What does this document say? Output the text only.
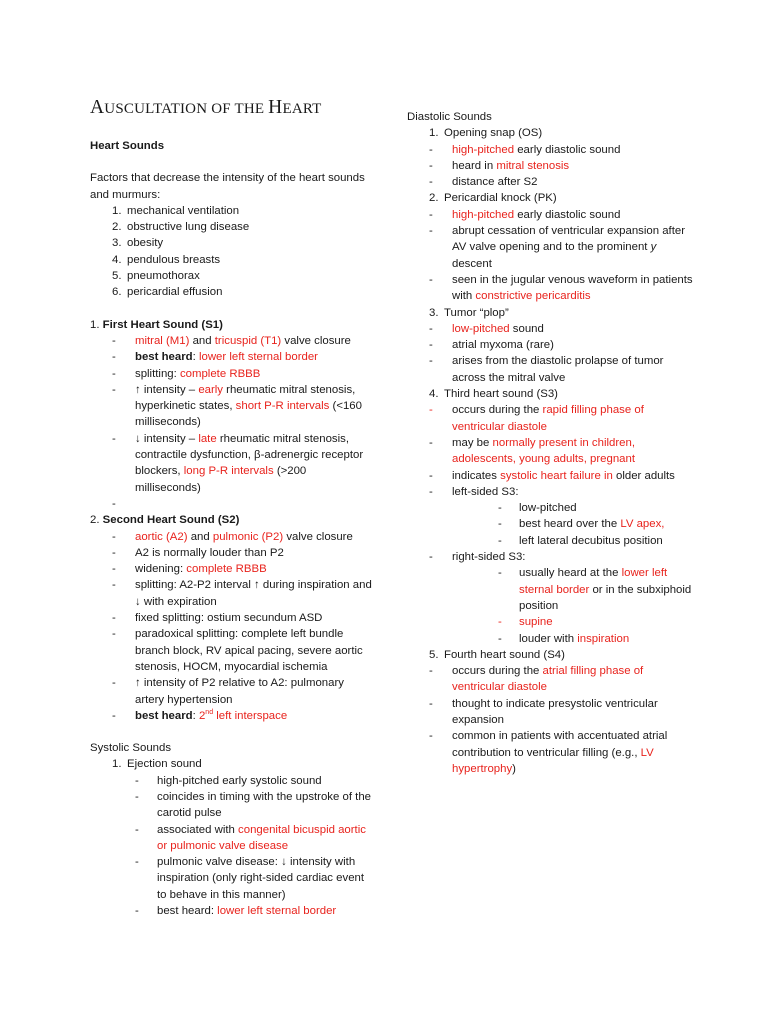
AUSCULTATION OF THE HEART
Heart Sounds
Factors that decrease the intensity of the heart sounds and murmurs:
1. mechanical ventilation
2. obstructive lung disease
3. obesity
4. pendulous breasts
5. pneumothorax
6. pericardial effusion
1. First Heart Sound (S1)
- mitral (M1) and tricuspid (T1) valve closure
- best heard: lower left sternal border
- splitting: complete RBBB
- ↑ intensity – early rheumatic mitral stenosis, hyperkinetic states, short P-R intervals (<160 milliseconds)
- ↓ intensity – late rheumatic mitral stenosis, contractile dysfunction, β-adrenergic receptor blockers, long P-R intervals (>200 milliseconds)
-

2. Second Heart Sound (S2)
- aortic (A2) and pulmonic (P2) valve closure
- A2 is normally louder than P2
- widening: complete RBBB
- splitting: A2-P2 interval ↑ during inspiration and ↓ with expiration
- fixed splitting: ostium secundum ASD
- paradoxical splitting: complete left bundle branch block, RV apical pacing, severe aortic stenosis, HOCM, myocardial ischemia
- ↑ intensity of P2 relative to A2: pulmonary artery hypertension
- best heard: 2nd left interspace
Systolic Sounds
1. Ejection sound
- high-pitched early systolic sound
- coincides in timing with the upstroke of the carotid pulse
- associated with congenital bicuspid aortic or pulmonic valve disease
- pulmonic valve disease: ↓ intensity with inspiration (only right-sided cardiac event to behave in this manner)
- best heard: lower left sternal border
Diastolic Sounds
1. Opening snap (OS)
- high-pitched early diastolic sound
- heard in mitral stenosis
- distance after S2
2. Pericardial knock (PK)
- high-pitched early diastolic sound
- abrupt cessation of ventricular expansion after AV valve opening and to the prominent y descent
- seen in the jugular venous waveform in patients with constrictive pericarditis
3. Tumor “plop”
- low-pitched sound
- atrial myxoma (rare)
- arises from the diastolic prolapse of tumor across the mitral valve
4. Third heart sound (S3)
- occurs during the rapid filling phase of ventricular diastole
- may be normally present in children, adolescents, young adults, pregnant
- indicates systolic heart failure in older adults
- left-sided S3:
- low-pitched
- best heard over the LV apex,
- left lateral decubitus position
- right-sided S3:
- usually heard at the lower left sternal border or in the subxiphoid position
- supine
- louder with inspiration
5. Fourth heart sound (S4)
- occurs during the atrial filling phase of ventricular diastole
- thought to indicate presystolic ventricular expansion
- common in patients with accentuated atrial contribution to ventricular filling (e.g., LV hypertrophy)
